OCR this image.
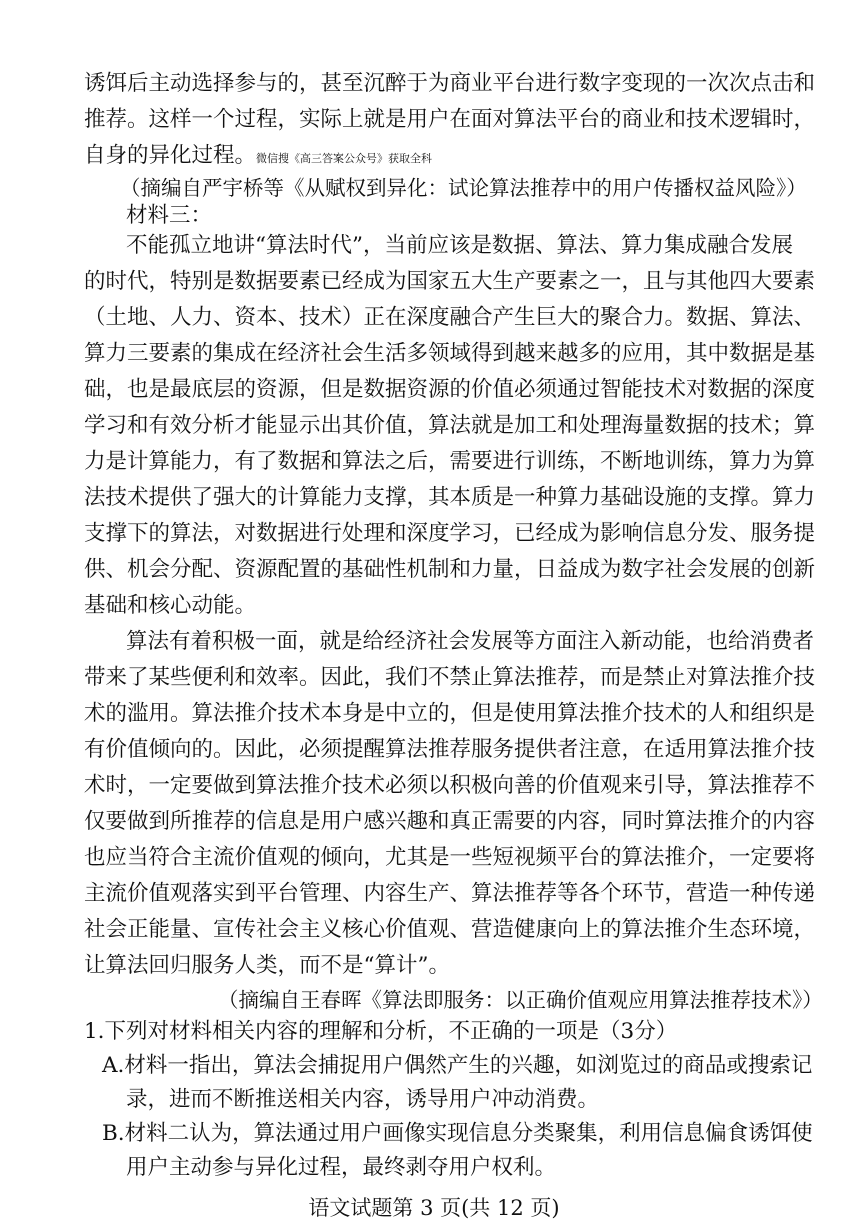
诱饵后主动选择参与的，甚至沉醉于为商业平台进行数字变现的一次次点击和
推荐。这样一个过程，实际上就是用户在面对算法平台的商业和技术逻辑时，
自身的异化过程。微信搜《高三答案公众号》获取全科
（摘编自严宇桥等《从赋权到异化：试论算法推荐中的用户传播权益风险》）
材料三：
不能孤立地讲“算法时代”，当前应该是数据、算法、算力集成融合发展
的时代，特别是数据要素已经成为国家五大生产要素之一，且与其他四大要素
（土地、人力、资本、技术）正在深度融合产生巨大的聚合力。数据、算法、
算力三要素的集成在经济社会生活多领域得到越来越多的应用，其中数据是基
础，也是最底层的资源，但是数据资源的价值必须通过智能技术对数据的深度
学习和有效分析才能显示出其价值，算法就是加工和处理海量数据的技术；算
力是计算能力，有了数据和算法之后，需要进行训练，不断地训练，算力为算
法技术提供了强大的计算能力支撑，其本质是一种算力基础设施的支撑。算力
支撑下的算法，对数据进行处理和深度学习，已经成为影响信息分发、服务提
供、机会分配、资源配置的基础性机制和力量，日益成为数字社会发展的创新
基础和核心动能。
算法有着积极一面，就是给经济社会发展等方面注入新动能，也给消费者
带来了某些便利和效率。因此，我们不禁止算法推荐，而是禁止对算法推介技
术的滥用。算法推介技术本身是中立的，但是使用算法推介技术的人和组织是
有价值倾向的。因此，必须提醒算法推荐服务提供者注意，在适用算法推介技
术时，一定要做到算法推介技术必须以积极向善的价值观来引导，算法推荐不
仅要做到所推荐的信息是用户感兴趣和真正需要的内容，同时算法推介的内容
也应当符合主流价值观的倾向，尤其是一些短视频平台的算法推介，一定要将
主流价值观落实到平台管理、内容生产、算法推荐等各个环节，营造一种传递
社会正能量、宣传社会主义核心价值观、营造健康向上的算法推介生态环境，
让算法回归服务人类，而不是“算计”。
（摘编自王春晖《算法即服务：以正确价值观应用算法推荐技术》）
1.下列对材料相关内容的理解和分析，不正确的一项是（3分）
A.材料一指出，算法会捕捉用户偶然产生的兴趣，如浏览过的商品或搜索记
录，进而不断推送相关内容，诱导用户冲动消费。
B.材料二认为，算法通过用户画像实现信息分类聚集，利用信息偏食诱饵使
用户主动参与异化过程，最终剥夺用户权利。
语文试题第 3 页(共 12 页)
